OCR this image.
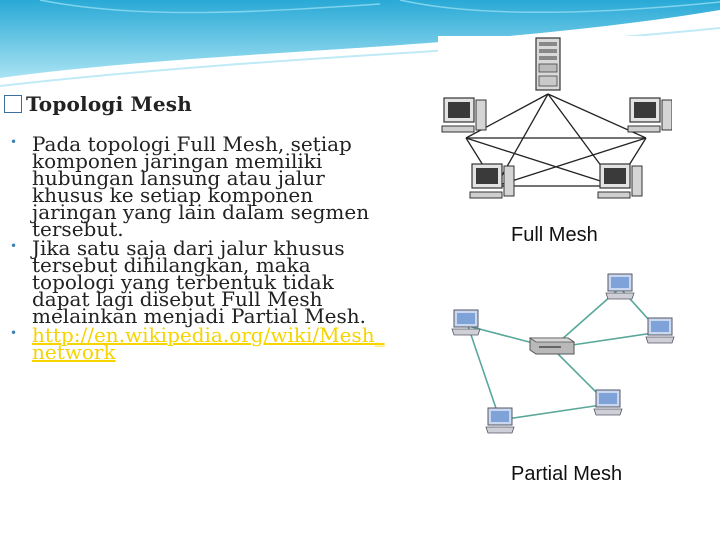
Topologi Mesh
• Pada topologi Full Mesh, setiap komponen jaringan memiliki hubungan lansung atau jalur khusus ke setiap komponen jaringan yang lain dalam segmen tersebut.
• Jika satu saja dari jalur khusus tersebut dihilangkan, maka topologi yang terbentuk tidak dapat lagi disebut Full Mesh melainkan menjadi Partial Mesh.
• http://en.wikipedia.org/wiki/Mesh_network
Full Mesh
Partial Mesh
